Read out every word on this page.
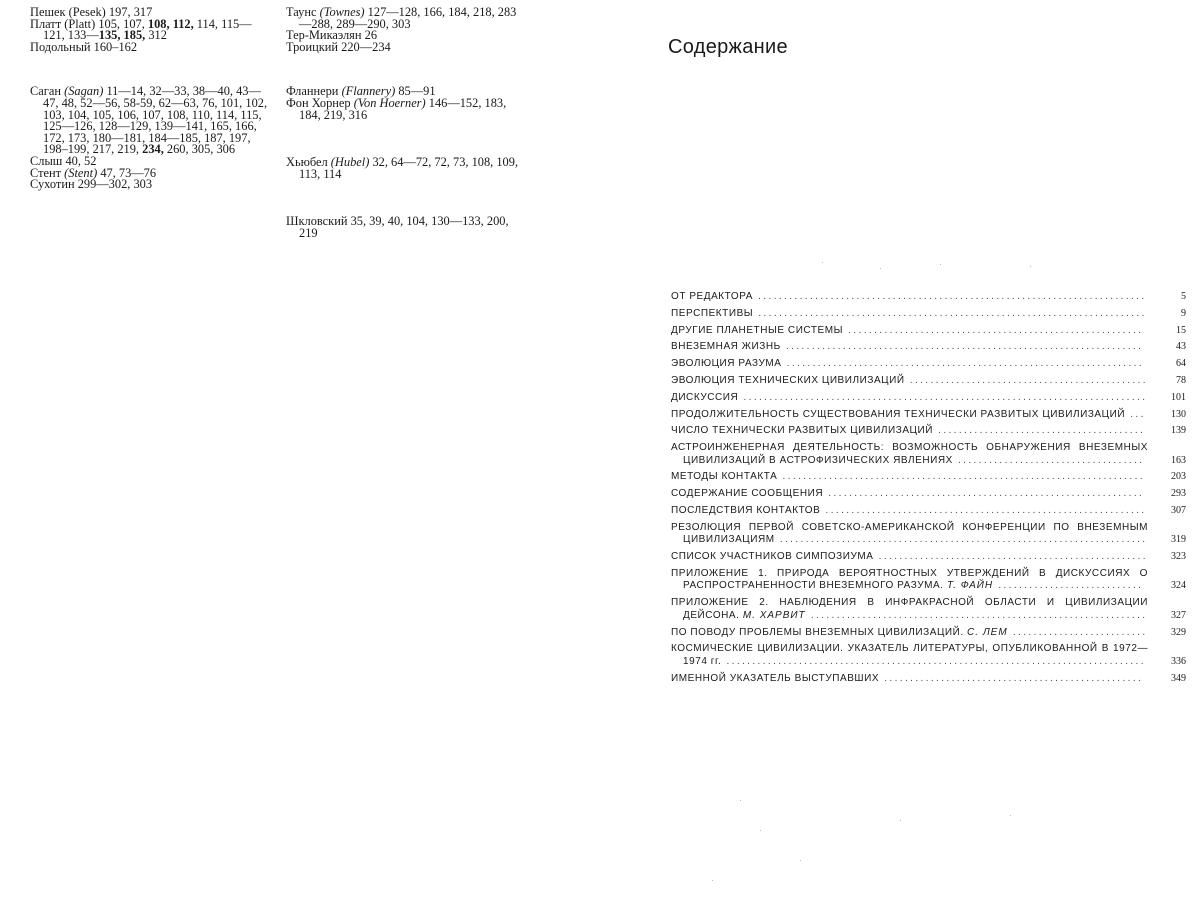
Пешек (Pesek) 197, 317

Платт (Platt) 105, 107, 108, 112, 114, 115—121, 133—135, 185, 312

Подольный 160–162

Саган (Sagan) 11—14, 32—33, 38—40, 43—47, 48, 52—56, 58-59, 62—63, 76, 101, 102, 103, 104, 105, 106, 107, 108, 110, 114, 115, 125—126, 128—129, 139—141, 165, 166, 172, 173, 180—181, 184—185, 187, 197, 198–199, 217, 219, 234, 260, 305, 306

Слыш 40, 52

Стент (Stent) 47, 73—76

Сухотин 299—302, 303

Таунс (Townes) 127—128, 166, 184, 218, 283—288, 289—290, 303

Тер-Микаэлян 26

Троицкий 220—234

Фланнери (Flannery) 85—91

Фон Хорнер (Von Hoerner) 146—152, 183, 184, 219, 316

Хьюбел (Hubel) 32, 64—72, 72, 73, 108, 109, 113, 114

Шкловский 35, 39, 40, 104, 130—133, 200, 219

Содержание
ОТ РЕДАКТОРА ...........................................................................	5
ПЕРСПЕКТИВЫ ...........................................................................	9
ДРУГИЕ ПЛАНЕТНЫЕ СИСТЕМЫ .........................................................	15
ВНЕЗЕМНАЯ ЖИЗНЬ .....................................................................	43
ЭВОЛЮЦИЯ РАЗУМА .....................................................................	64
ЭВОЛЮЦИЯ ТЕХНИЧЕСКИХ ЦИВИЛИЗАЦИЙ ..............................................	78
ДИСКУССИЯ .............................................................................. 101
ПРОДОЛЖИТЕЛЬНОСТЬ СУЩЕСТВОВАНИЯ ТЕХНИЧЕСКИ РАЗВИТЫХ ЦИВИЛИЗАЦИЙ ...	130
ЧИСЛО ТЕХНИЧЕСКИ РАЗВИТЫХ ЦИВИЛИЗАЦИЙ ........................................	139
АСТРОИНЖЕНЕРНАЯ ДЕЯТЕЛЬНОСТЬ: ВОЗМОЖНОСТЬ ОБНАРУЖЕНИЯ ВНЕЗЕМНЫХ ЦИВИЛИЗАЦИЙ В АСТРОФИЗИЧЕСКИХ ЯВЛЕНИЯХ ....................................	163
МЕТОДЫ КОНТАКТА ......................................................................	203
СОДЕРЖАНИЕ СООБЩЕНИЯ .............................................................	293
ПОСЛЕДСТВИЯ КОНТАКТОВ .............................................................. 307
РЕЗОЛЮЦИЯ ПЕРВОЙ СОВЕТСКО-АМЕРИКАНСКОЙ КОНФЕРЕНЦИИ ПО ВНЕЗЕМНЫМ ЦИВИЛИЗАЦИЯМ ....................................................................... 319
СПИСОК УЧАСТНИКОВ СИМПОЗИУМА .................................................... 323
ПРИЛОЖЕНИЕ 1. ПРИРОДА ВЕРОЯТНОСТНЫХ УТВЕРЖДЕНИЙ В ДИСКУССИЯХ О РАСПРОСТРАНЕННОСТИ ВНЕЗЕМНОГО РАЗУМА. Т. ФАЙН ............................	324
ПРИЛОЖЕНИЕ 2. НАБЛЮДЕНИЯ В ИНФРАКРАСНОЙ ОБЛАСТИ И ЦИВИЛИЗАЦИИ ДЕЙСОНА. М. ХАРВИТ ................................................................. 327
ПО ПОВОДУ ПРОБЛЕМЫ ВНЕЗЕМНЫХ ЦИВИЛИЗАЦИЙ. С. ЛЕМ .......................... 329
КОСМИЧЕСКИЕ ЦИВИЛИЗАЦИИ. УКАЗАТЕЛЬ ЛИТЕРАТУРЫ, ОПУБЛИКОВАННОЙ В 1972—1974 гг. .................................................................................	336
ИМЕННОЙ УКАЗАТЕЛЬ ВЫСТУПАВШИХ ..................................................	349
